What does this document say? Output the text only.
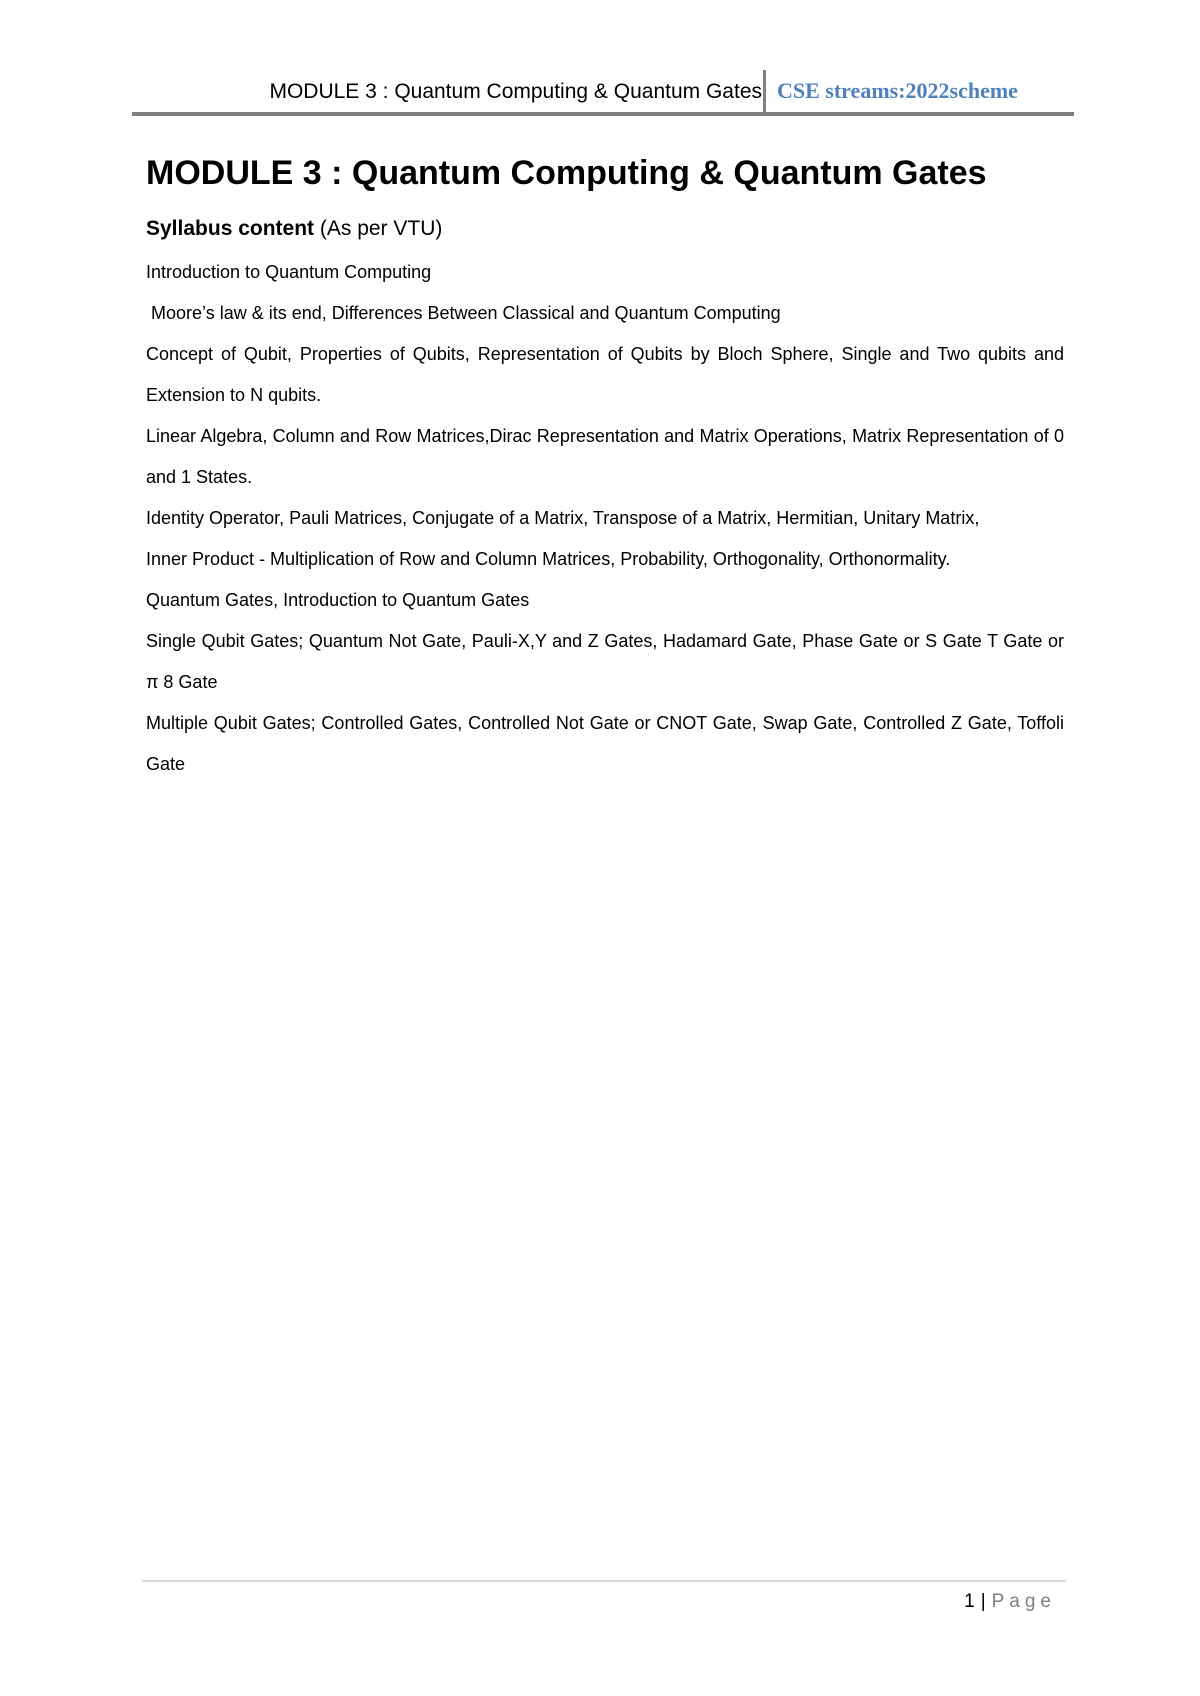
MODULE 3 : Quantum Computing & Quantum Gates CSE streams:2022scheme
MODULE 3 : Quantum Computing & Quantum Gates
Syllabus content (As per VTU)
Introduction to Quantum Computing
Moore’s law & its end, Differences Between Classical and Quantum Computing
Concept of Qubit, Properties of Qubits, Representation of Qubits by Bloch Sphere, Single and Two qubits and Extension to N qubits.
Linear Algebra, Column and Row Matrices,Dirac Representation and Matrix Operations, Matrix Representation of 0 and 1 States.
Identity Operator, Pauli Matrices, Conjugate of a Matrix, Transpose of a Matrix, Hermitian, Unitary Matrix,
Inner Product - Multiplication of Row and Column Matrices, Probability, Orthogonality, Orthonormality.
Quantum Gates, Introduction to Quantum Gates
Single Qubit Gates; Quantum Not Gate, Pauli-X,Y and Z Gates, Hadamard Gate, Phase Gate or S Gate T Gate or π 8 Gate
Multiple Qubit Gates; Controlled Gates, Controlled Not Gate or CNOT Gate, Swap Gate, Controlled Z Gate, Toffoli Gate
1 | Page
